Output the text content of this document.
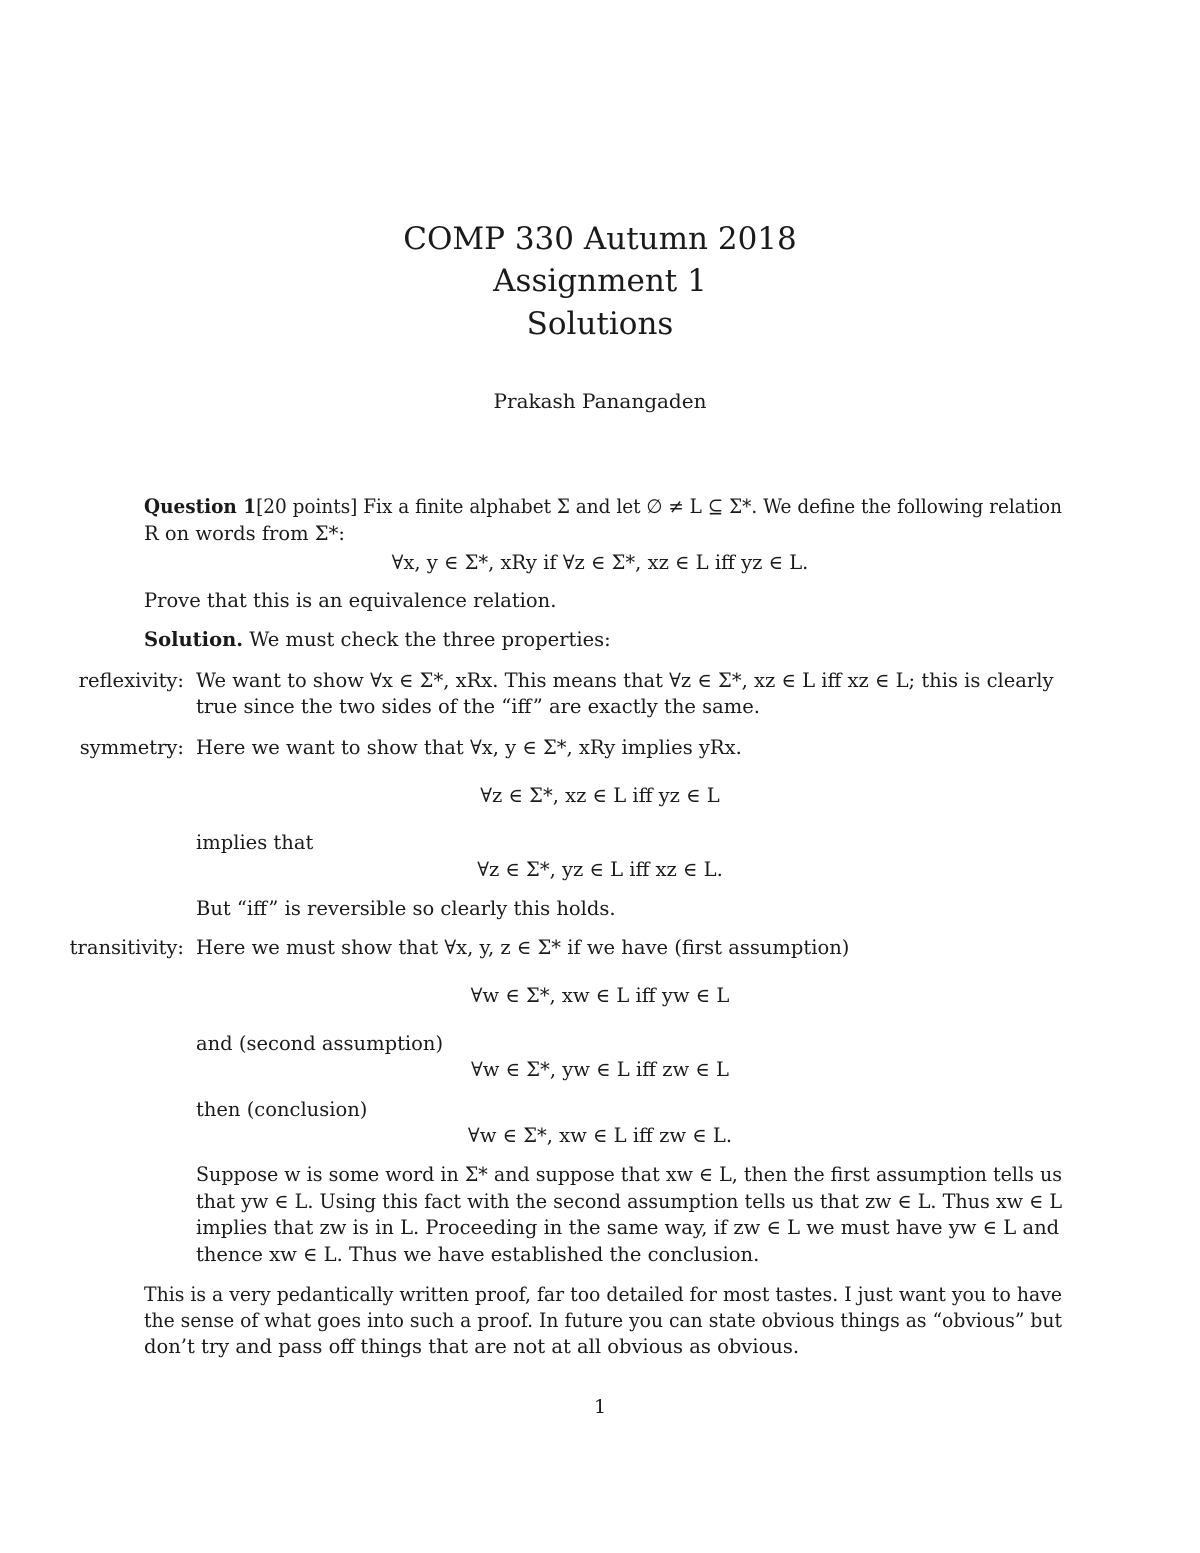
COMP 330 Autumn 2018
Assignment 1
Solutions
Prakash Panangaden
Question 1[20 points] Fix a finite alphabet Σ and let ∅ ≠ L ⊆ Σ*. We define the following relation
R on words from Σ*:
∀x, y ∈ Σ*, xRy if ∀z ∈ Σ*, xz ∈ L iff yz ∈ L.
Prove that this is an equivalence relation.
Solution. We must check the three properties:
reflexivity: We want to show ∀x ∈ Σ*, xRx. This means that ∀z ∈ Σ*, xz ∈ L iff xz ∈ L; this is clearly
true since the two sides of the “iff” are exactly the same.
symmetry: Here we want to show that ∀x, y ∈ Σ*, xRy implies yRx.
∀z ∈ Σ*, xz ∈ L iff yz ∈ L
implies that
∀z ∈ Σ*, yz ∈ L iff xz ∈ L.
But “iff” is reversible so clearly this holds.
transitivity: Here we must show that ∀x, y, z ∈ Σ* if we have (first assumption)
∀w ∈ Σ*, xw ∈ L iff yw ∈ L
and (second assumption)
∀w ∈ Σ*, yw ∈ L iff zw ∈ L
then (conclusion)
∀w ∈ Σ*, xw ∈ L iff zw ∈ L.
Suppose w is some word in Σ* and suppose that xw ∈ L, then the first assumption tells us
that yw ∈ L. Using this fact with the second assumption tells us that zw ∈ L. Thus xw ∈ L
implies that zw is in L. Proceeding in the same way, if zw ∈ L we must have yw ∈ L and
thence xw ∈ L. Thus we have established the conclusion.
This is a very pedantically written proof, far too detailed for most tastes. I just want you to have
the sense of what goes into such a proof. In future you can state obvious things as “obvious” but
don’t try and pass off things that are not at all obvious as obvious.
1
